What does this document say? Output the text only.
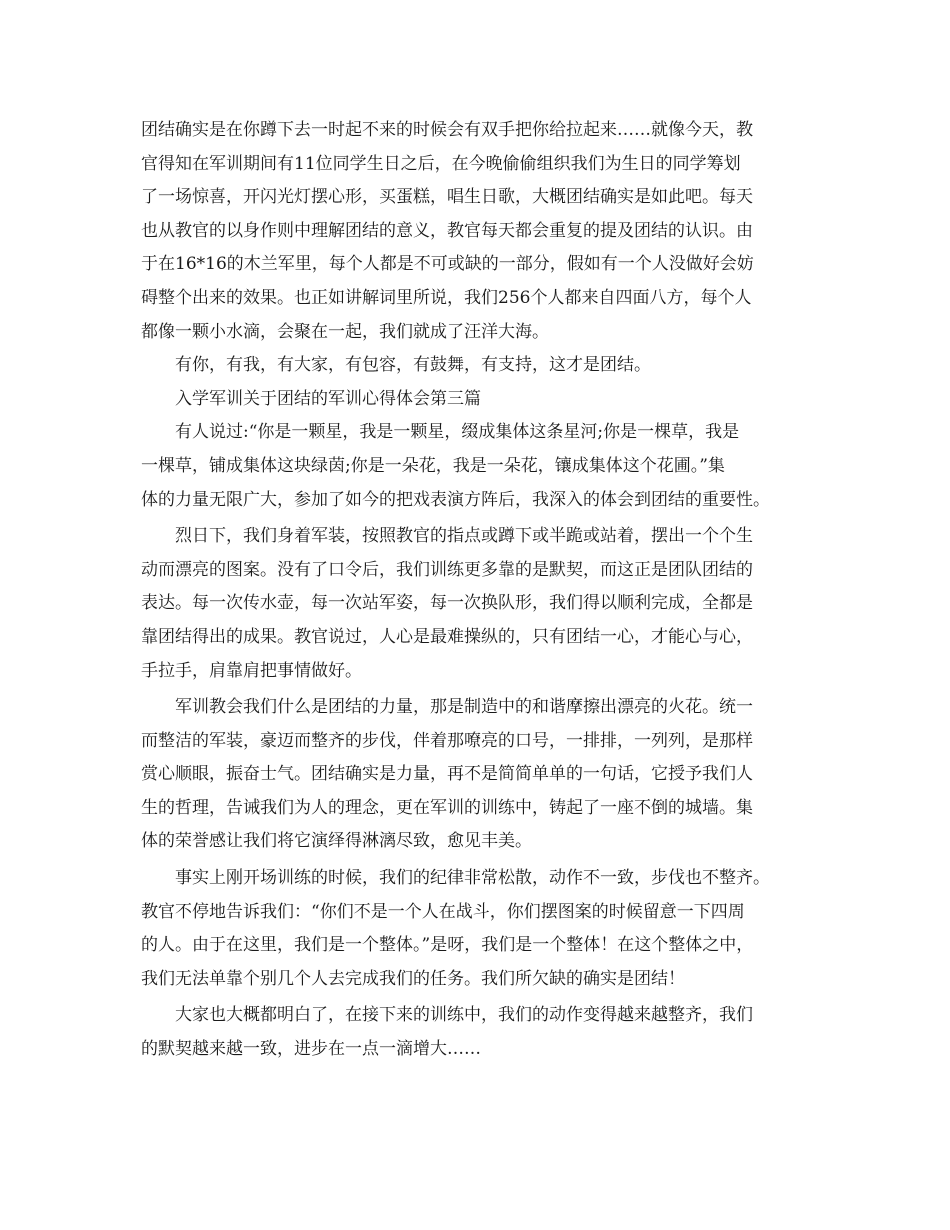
团结确实是在你蹲下去一时起不来的时候会有双手把你给拉起来……就像今天，教
官得知在军训期间有11位同学生日之后，在今晚偷偷组织我们为生日的同学筹划
了一场惊喜，开闪光灯摆心形，买蛋糕，唱生日歌，大概团结确实是如此吧。每天
也从教官的以身作则中理解团结的意义，教官每天都会重复的提及团结的认识。由
于在16*16的木兰军里，每个人都是不可或缺的一部分，假如有一个人没做好会妨
碍整个出来的效果。也正如讲解词里所说，我们256个人都来自四面八方，每个人
都像一颗小水滴，会聚在一起，我们就成了汪洋大海。
有你，有我，有大家，有包容，有鼓舞，有支持，这才是团结。
入学军训关于团结的军训心得体会第三篇
有人说过:“你是一颗星，我是一颗星，缀成集体这条星河;你是一棵草，我是
一棵草，铺成集体这块绿茵;你是一朵花，我是一朵花，镶成集体这个花圃。”集
体的力量无限广大，参加了如今的把戏表演方阵后，我深入的体会到团结的重要性。
烈日下，我们身着军装，按照教官的指点或蹲下或半跪或站着，摆出一个个生
动而漂亮的图案。没有了口令后，我们训练更多靠的是默契，而这正是团队团结的
表达。每一次传水壶，每一次站军姿，每一次换队形，我们得以顺利完成，全都是
靠团结得出的成果。教官说过，人心是最难操纵的，只有团结一心，才能心与心，
手拉手，肩靠肩把事情做好。
军训教会我们什么是团结的力量，那是制造中的和谐摩擦出漂亮的火花。统一
而整洁的军装，豪迈而整齐的步伐，伴着那嘹亮的口号，一排排，一列列，是那样
赏心顺眼，振奋士气。团结确实是力量，再不是简简单单的一句话，它授予我们人
生的哲理，告诫我们为人的理念，更在军训的训练中，铸起了一座不倒的城墙。集
体的荣誉感让我们将它演绎得淋漓尽致，愈见丰美。
事实上刚开场训练的时候，我们的纪律非常松散，动作不一致，步伐也不整齐。
教官不停地告诉我们：“你们不是一个人在战斗，你们摆图案的时候留意一下四周
的人。由于在这里，我们是一个整体。”是呀，我们是一个整体！在这个整体之中，
我们无法单靠个别几个人去完成我们的任务。我们所欠缺的确实是团结！
大家也大概都明白了，在接下来的训练中，我们的动作变得越来越整齐，我们
的默契越来越一致，进步在一点一滴增大……
